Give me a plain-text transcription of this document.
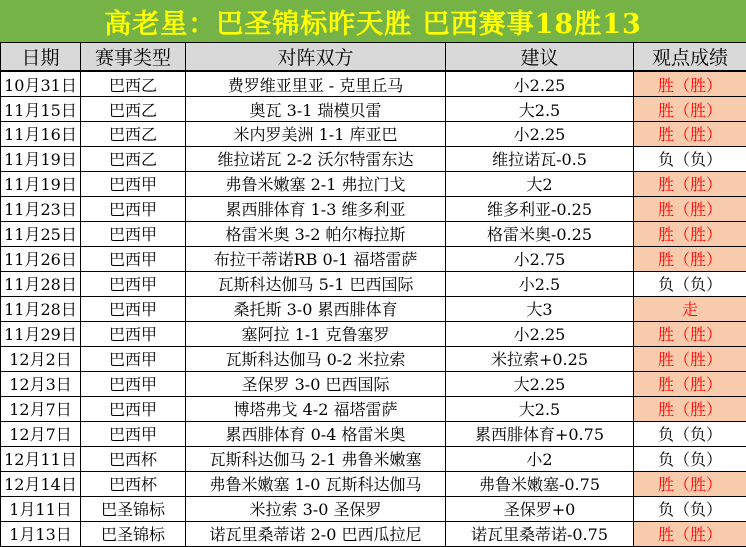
高老星：巴圣锦标昨天胜 巴西赛事18胜13
日期	赛事类型	对阵双方	建议	观点成绩
10月31日	巴西乙	费罗维亚里亚 - 克里丘马	小2.25	胜（胜）
11月15日	巴西乙	奥瓦 3-1 瑞模贝雷	大2.5	胜（胜）
11月16日	巴西乙	米内罗美洲 1-1 库亚巴	小2.25	胜（胜）
11月19日	巴西乙	维拉诺瓦 2-2 沃尔特雷东达	维拉诺瓦-0.5	负（负）
11月19日	巴西甲	弗鲁米嫩塞 2-1 弗拉门戈	大2	胜（胜）
11月23日	巴西甲	累西腓体育 1-3 维多利亚	维多利亚-0.25	胜（胜）
11月25日	巴西甲	格雷米奥 3-2 帕尔梅拉斯	格雷米奥-0.25	胜（胜）
11月26日	巴西甲	布拉干蒂诺RB 0-1 福塔雷萨	小2.75	胜（胜）
11月28日	巴西甲	瓦斯科达伽马 5-1 巴西国际	小2.5	负（负）
11月28日	巴西甲	桑托斯 3-0 累西腓体育	大3	走
11月29日	巴西甲	塞阿拉 1-1 克鲁塞罗	小2.25	胜（胜）
12月2日	巴西甲	瓦斯科达伽马 0-2 米拉索	米拉索+0.25	胜（胜）
12月3日	巴西甲	圣保罗 3-0 巴西国际	大2.25	胜（胜）
12月7日	巴西甲	博塔弗戈 4-2 福塔雷萨	大2.5	胜（胜）
12月7日	巴西甲	累西腓体育 0-4 格雷米奥	累西腓体育+0.75	负（负）
12月11日	巴西杯	瓦斯科达伽马 2-1 弗鲁米嫩塞	小2	负（负）
12月14日	巴西杯	弗鲁米嫩塞 1-0 瓦斯科达伽马	弗鲁米嫩塞-0.75	胜（胜）
1月11日	巴圣锦标	米拉索 3-0 圣保罗	圣保罗+0	负（负）
1月13日	巴圣锦标	诺瓦里桑蒂诺 2-0 巴西瓜拉尼	诺瓦里桑蒂诺-0.75	胜（胜）
